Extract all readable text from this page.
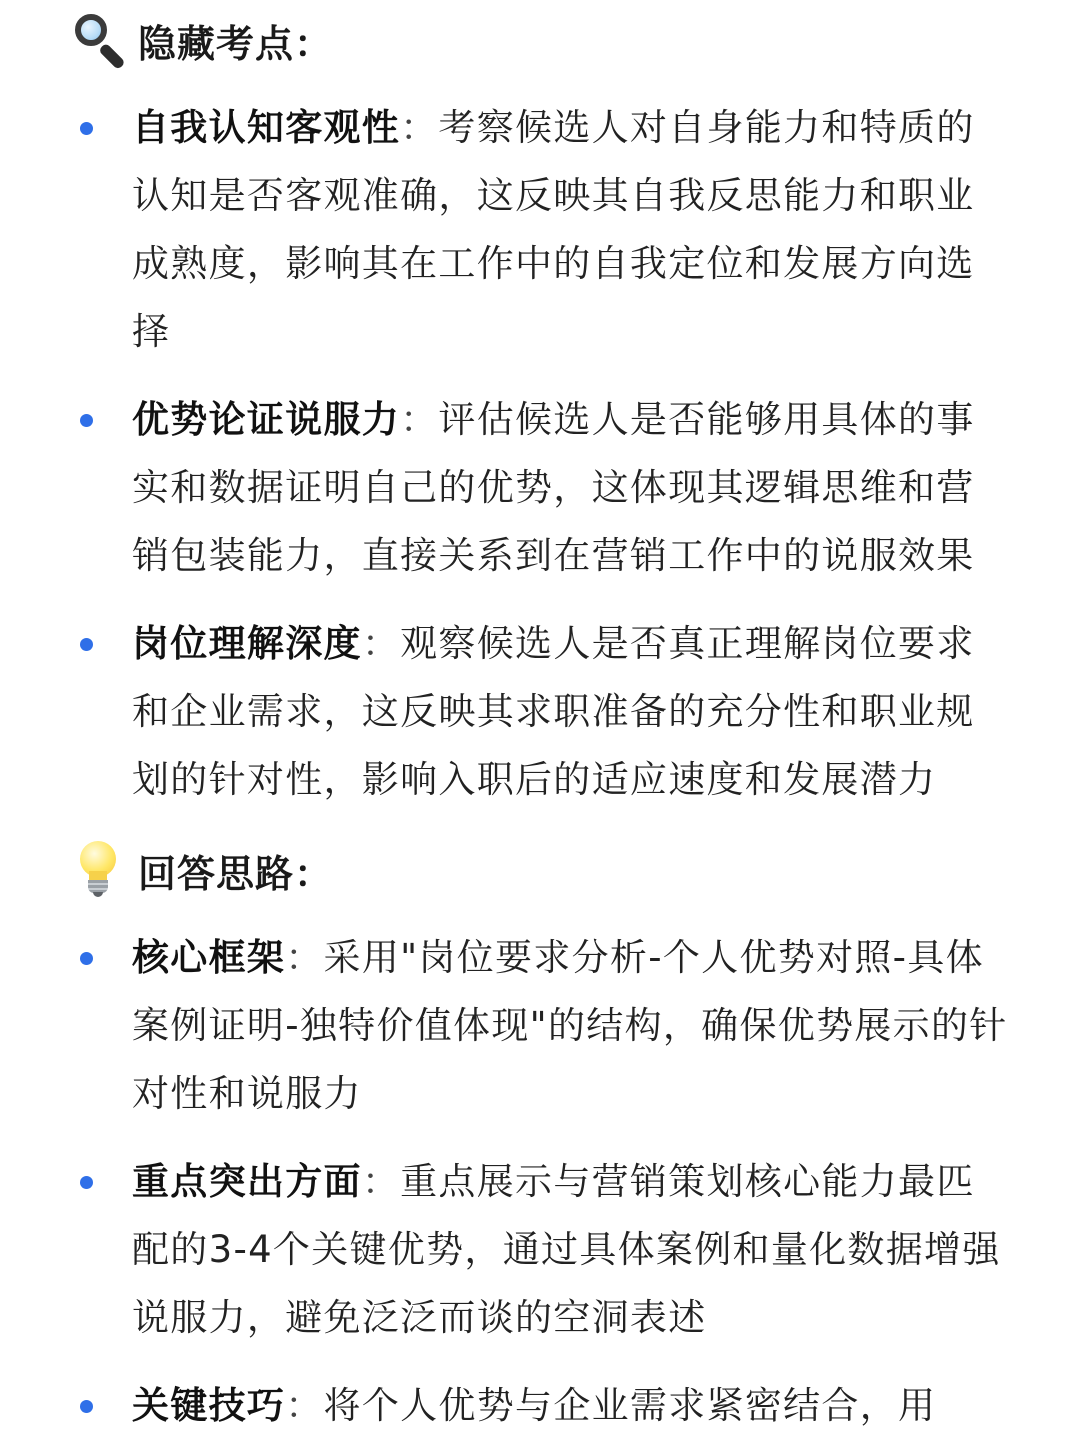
隐藏考点：
自我认知客观性：考察候选人对自身能力和特质的认知是否客观准确，这反映其自我反思能力和职业成熟度，影响其在工作中的自我定位和发展方向选择
优势论证说服力：评估候选人是否能够用具体的事实和数据证明自己的优势，这体现其逻辑思维和营销包装能力，直接关系到在营销工作中的说服效果
岗位理解深度：观察候选人是否真正理解岗位要求和企业需求，这反映其求职准备的充分性和职业规划的针对性，影响入职后的适应速度和发展潜力
回答思路：
核心框架：采用"岗位要求分析-个人优势对照-具体案例证明-独特价值体现"的结构，确保优势展示的针对性和说服力
重点突出方面：重点展示与营销策划核心能力最匹配的3-4个关键优势，通过具体案例和量化数据增强说服力，避免泛泛而谈的空洞表述
关键技巧：将个人优势与企业需求紧密结合，用
